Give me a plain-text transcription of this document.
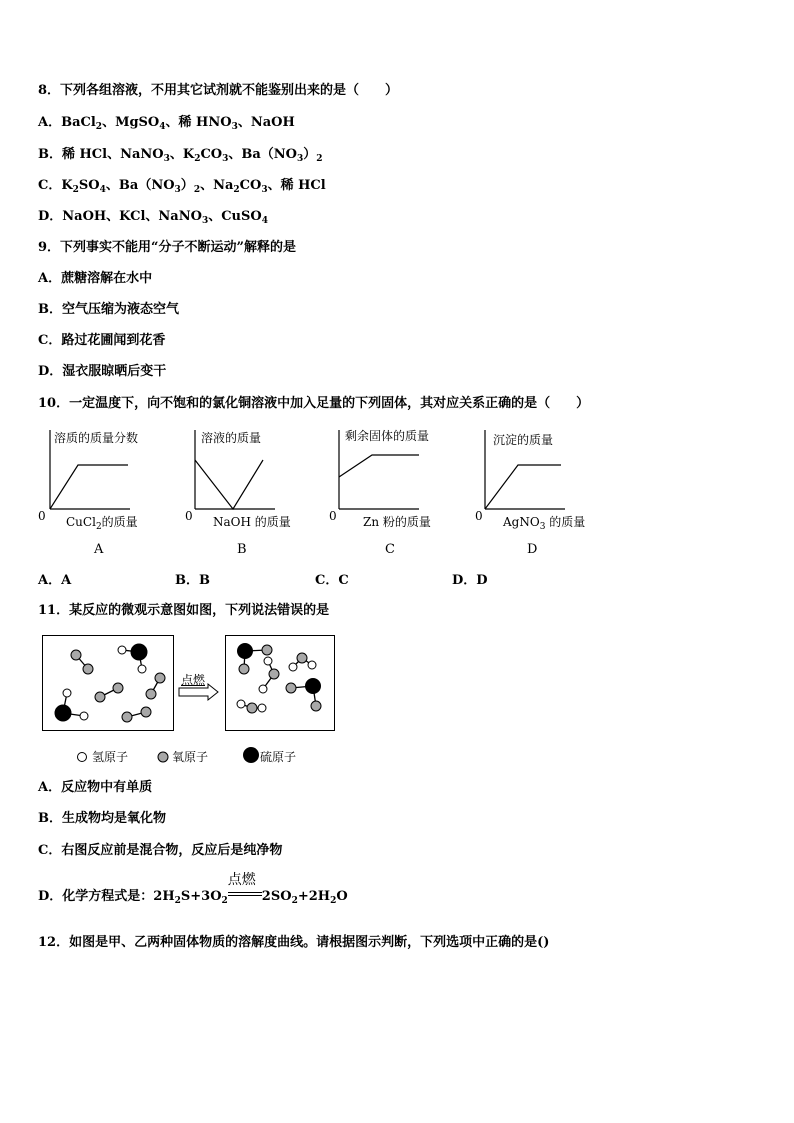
8．下列各组溶液，不用其它试剂就不能鉴别出来的是（　　）
A．BaCl$_2$、MgSO$_4$、稀 $HNO_3$、NaOH
B．稀 HCl、NaNO$_3$、$K_2CO_3$、$Ba(NO_3)_2$
C．$K_2SO_4$、$Ba(NO_3)_2$、$Na_2CO_3$、稀 HCl
D．NaOH、KCl、NaNO$_3$、CuSO$_4$
9．下列事实不能用“分子不断运动”解释的是
A．蔗糖溶解在水中
B．空气压缩为液态空气
C．路过花圃闻到花香
D．湿衣服晾晒后变干
10．一定温度下，向不饱和的氯化铜溶液中加入足量的下列固体，其对应关系正确的是（　　）
溶质的质量分数
0 CuCl$_2$的质量
A
溶液的质量
0 NaOH 的质量
B
剩余固体的质量
0 Zn 粉的质量
C
沉淀的质量
0 AgNO$_3$ 的质量
D
A．A	B．B	C．C	D．D
11．某反应的微观示意图如图，下列说法错误的是
点燃
氢原子	氧原子	硫原子
A．反应物中有单质
B．生成物均是氧化物
C．右图反应前是混合物，反应后是纯净物
D．化学方程式是：$2H_2S+3O_2$
点燃
$2SO_2+2H_2O$
12．如图是甲、乙两种固体物质的溶解度曲线。请根据图示判断，下列选项中正确的是()
